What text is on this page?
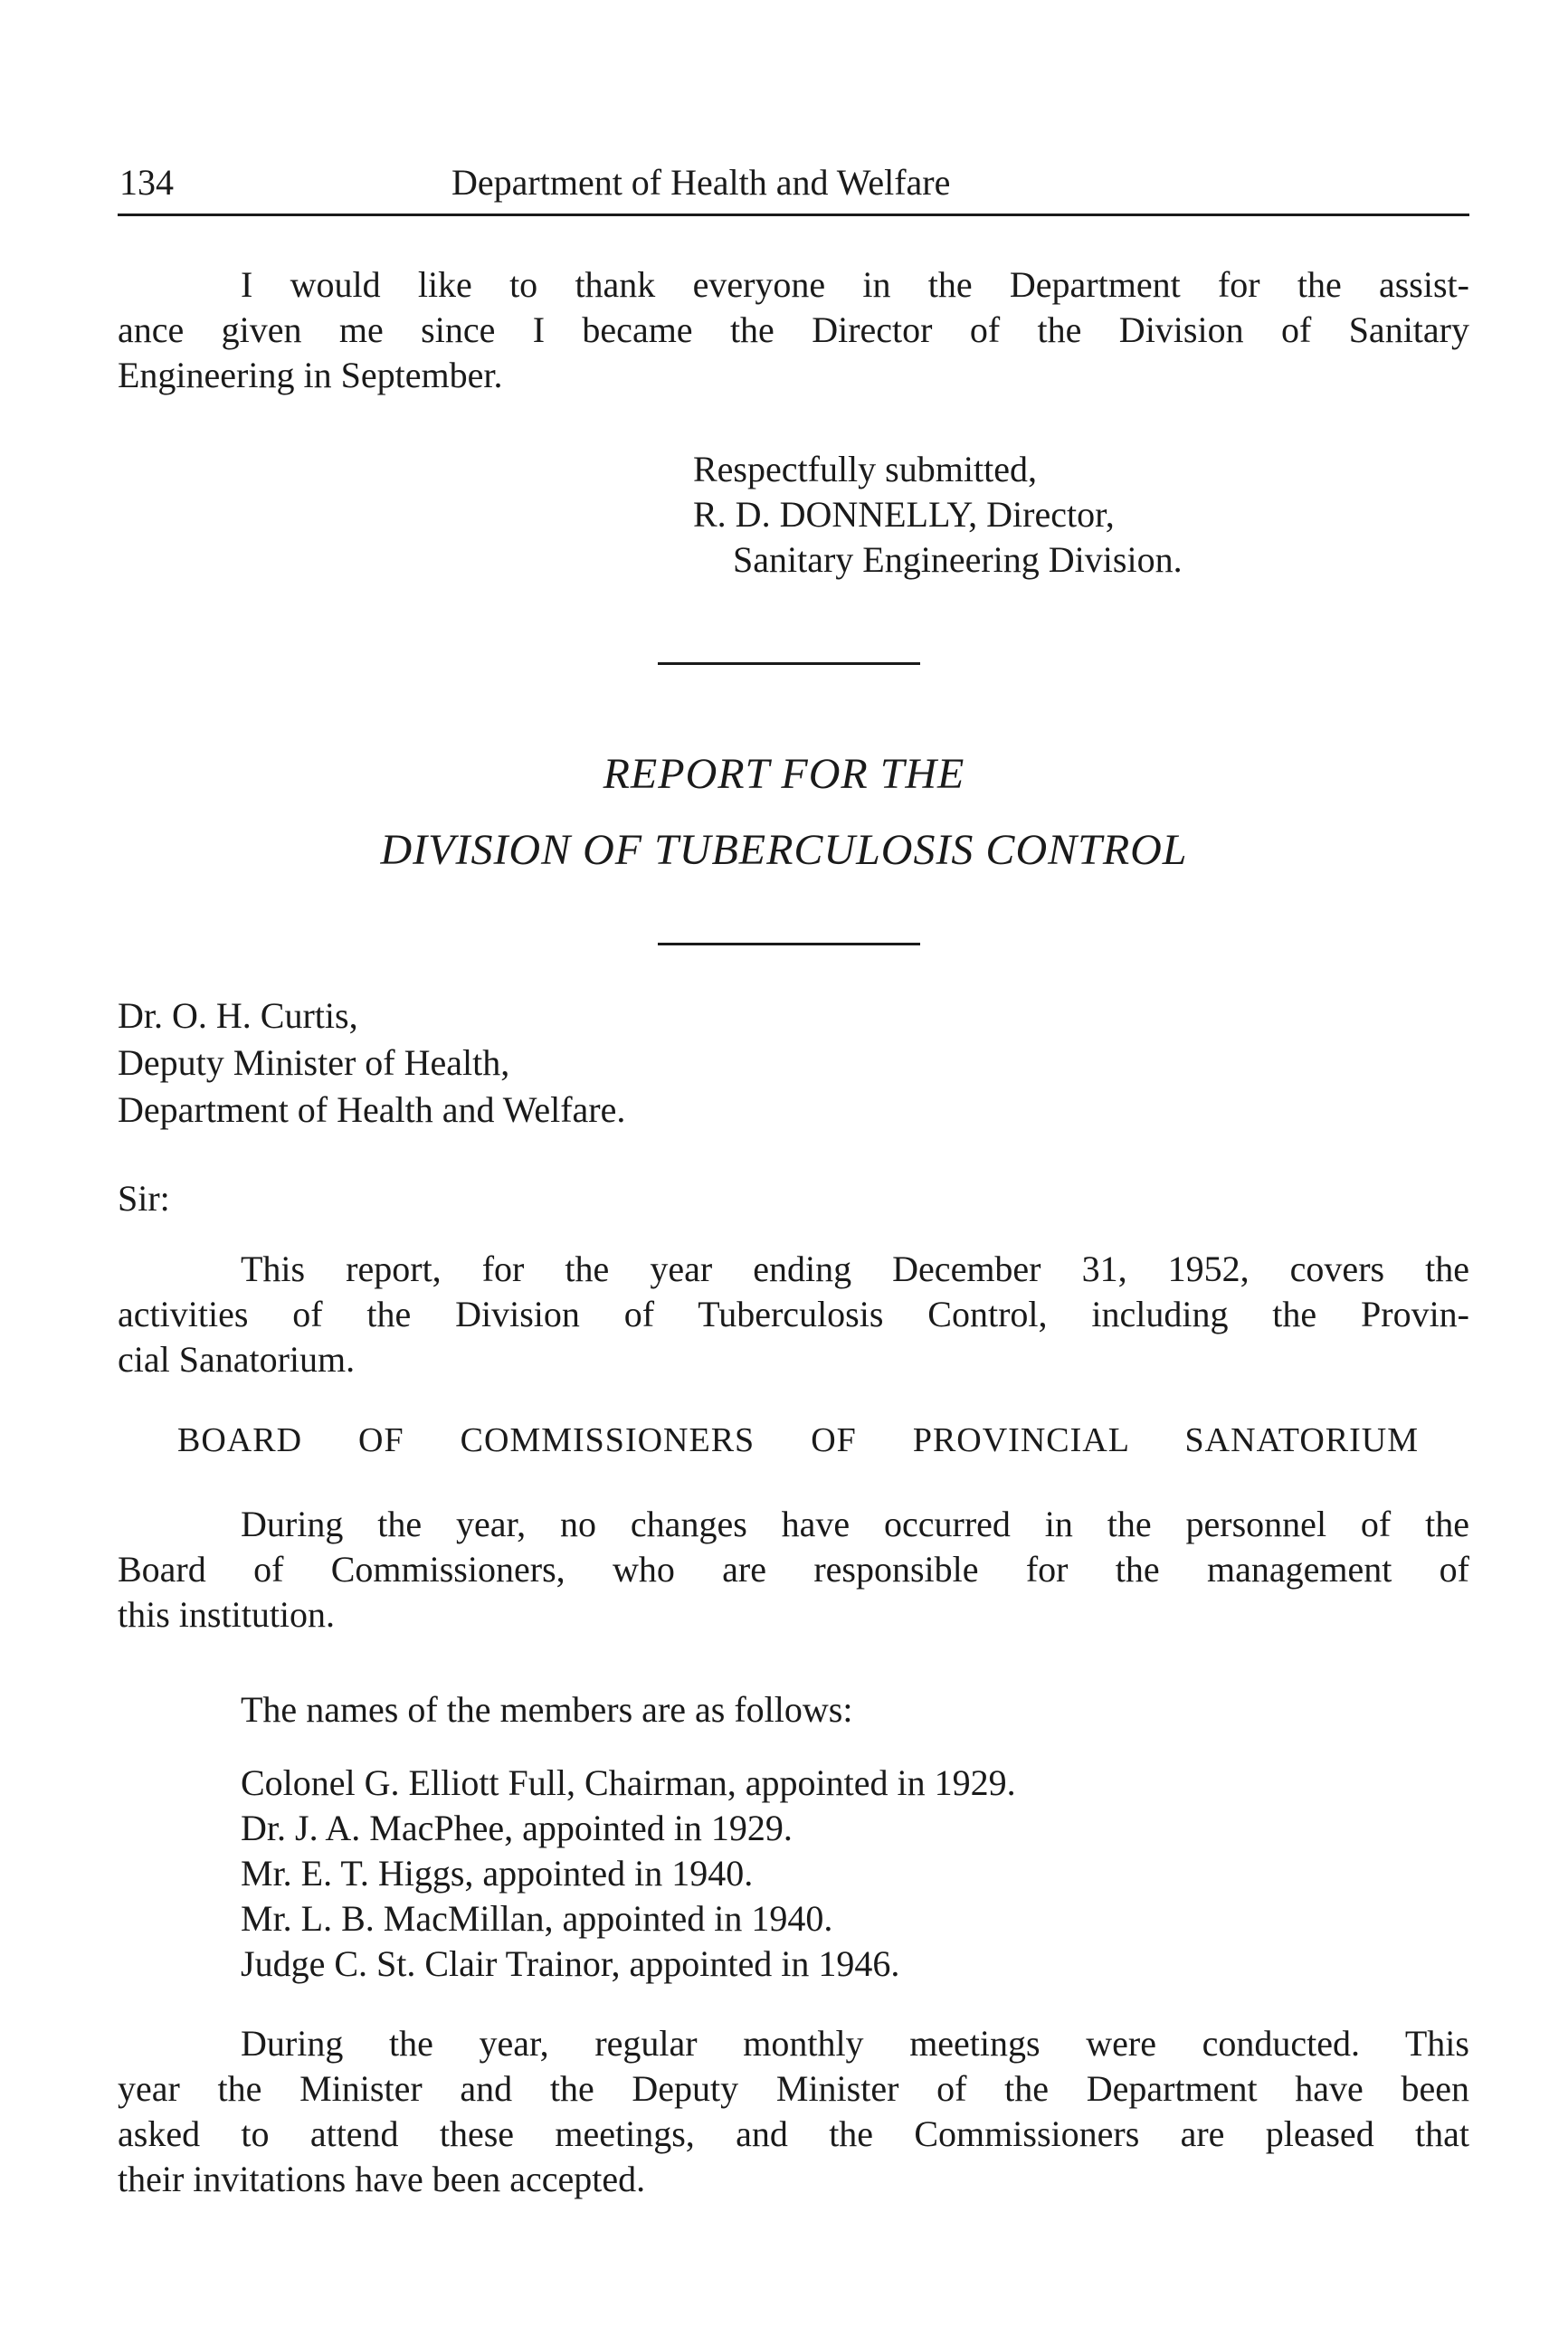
134	Department of Health and Welfare
I would like to thank everyone in the Department for the assist-
ance given me since I became the Director of the Division of Sanitary
Engineering in September.
Respectfully submitted,
R. D. DONNELLY, Director,
Sanitary Engineering Division.
REPORT FOR THE
DIVISION OF TUBERCULOSIS CONTROL
Dr. O. H. Curtis,
Deputy Minister of Health,
Department of Health and Welfare.
Sir:
This report, for the year ending December 31, 1952, covers the
activities of the Division of Tuberculosis Control, including the Provin-
cial Sanatorium.
BOARD OF COMMISSIONERS OF PROVINCIAL SANATORIUM
During the year, no changes have occurred in the personnel of the
Board of Commissioners, who are responsible for the management of
this institution.
The names of the members are as follows:
Colonel G. Elliott Full, Chairman, appointed in 1929.
Dr. J. A. MacPhee, appointed in 1929.
Mr. E. T. Higgs, appointed in 1940.
Mr. L. B. MacMillan, appointed in 1940.
Judge C. St. Clair Trainor, appointed in 1946.
During the year, regular monthly meetings were conducted. This
year the Minister and the Deputy Minister of the Department have been
asked to attend these meetings, and the Commissioners are pleased that
their invitations have been accepted.
